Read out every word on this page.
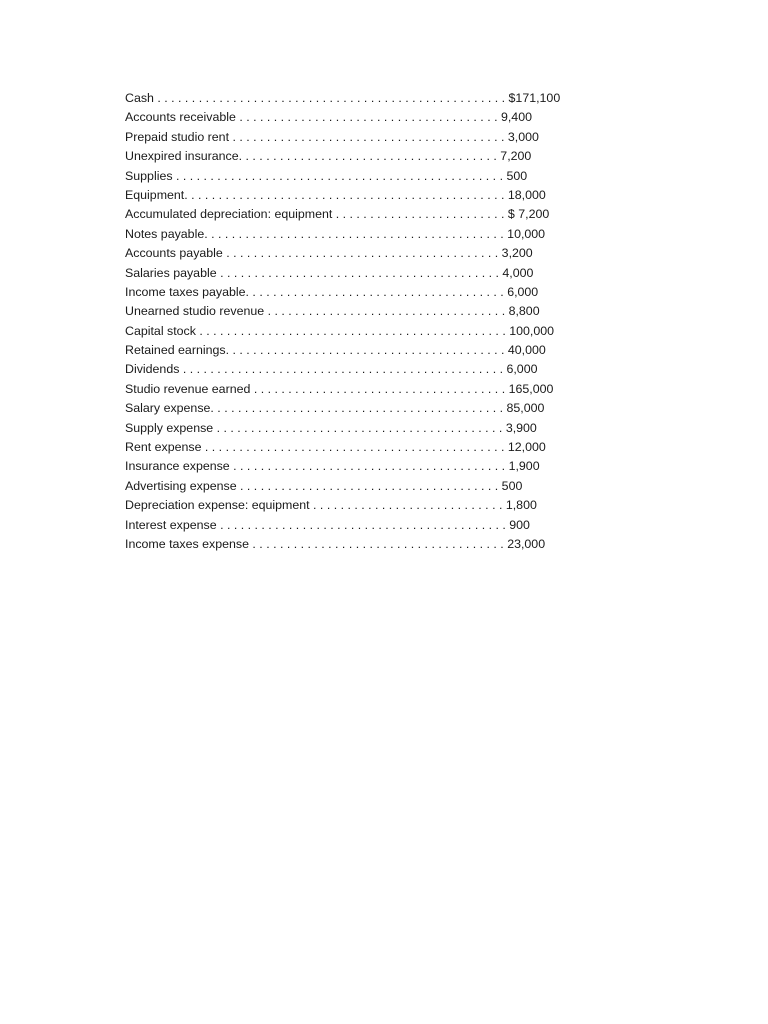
Cash . . . . . . . . . . . . . . . . . . . . . . . . . . . . . . . . . . . . . . . . . . . . . . . . . . . $171,100
Accounts receivable . . . . . . . . . . . . . . . . . . . . . . . . . . . . . . . . . . . . . . 9,400
Prepaid studio rent . . . . . . . . . . . . . . . . . . . . . . . . . . . . . . . . . . . . . . . . 3,000
Unexpired insurance. . . . . . . . . . . . . . . . . . . . . . . . . . . . . . . . . . . . . . 7,200
Supplies . . . . . . . . . . . . . . . . . . . . . . . . . . . . . . . . . . . . . . . . . . . . . . . . 500
Equipment. . . . . . . . . . . . . . . . . . . . . . . . . . . . . . . . . . . . . . . . . . . . . . . 18,000
Accumulated depreciation: equipment . . . . . . . . . . . . . . . . . . . . . . . . . $ 7,200
Notes payable. . . . . . . . . . . . . . . . . . . . . . . . . . . . . . . . . . . . . . . . . . . . 10,000
Accounts payable . . . . . . . . . . . . . . . . . . . . . . . . . . . . . . . . . . . . . . . . 3,200
Salaries payable . . . . . . . . . . . . . . . . . . . . . . . . . . . . . . . . . . . . . . . . . 4,000
Income taxes payable. . . . . . . . . . . . . . . . . . . . . . . . . . . . . . . . . . . . . . 6,000
Unearned studio revenue . . . . . . . . . . . . . . . . . . . . . . . . . . . . . . . . . . . 8,800
Capital stock . . . . . . . . . . . . . . . . . . . . . . . . . . . . . . . . . . . . . . . . . . . . . 100,000
Retained earnings. . . . . . . . . . . . . . . . . . . . . . . . . . . . . . . . . . . . . . . . . 40,000
Dividends . . . . . . . . . . . . . . . . . . . . . . . . . . . . . . . . . . . . . . . . . . . . . . . 6,000
Studio revenue earned . . . . . . . . . . . . . . . . . . . . . . . . . . . . . . . . . . . . . 165,000
Salary expense. . . . . . . . . . . . . . . . . . . . . . . . . . . . . . . . . . . . . . . . . . . 85,000
Supply expense . . . . . . . . . . . . . . . . . . . . . . . . . . . . . . . . . . . . . . . . . . 3,900
Rent expense . . . . . . . . . . . . . . . . . . . . . . . . . . . . . . . . . . . . . . . . . . . . 12,000
Insurance expense . . . . . . . . . . . . . . . . . . . . . . . . . . . . . . . . . . . . . . . . 1,900
Advertising expense . . . . . . . . . . . . . . . . . . . . . . . . . . . . . . . . . . . . . . 500
Depreciation expense: equipment . . . . . . . . . . . . . . . . . . . . . . . . . . . . 1,800
Interest expense . . . . . . . . . . . . . . . . . . . . . . . . . . . . . . . . . . . . . . . . . . 900
Income taxes expense . . . . . . . . . . . . . . . . . . . . . . . . . . . . . . . . . . . . . 23,000
